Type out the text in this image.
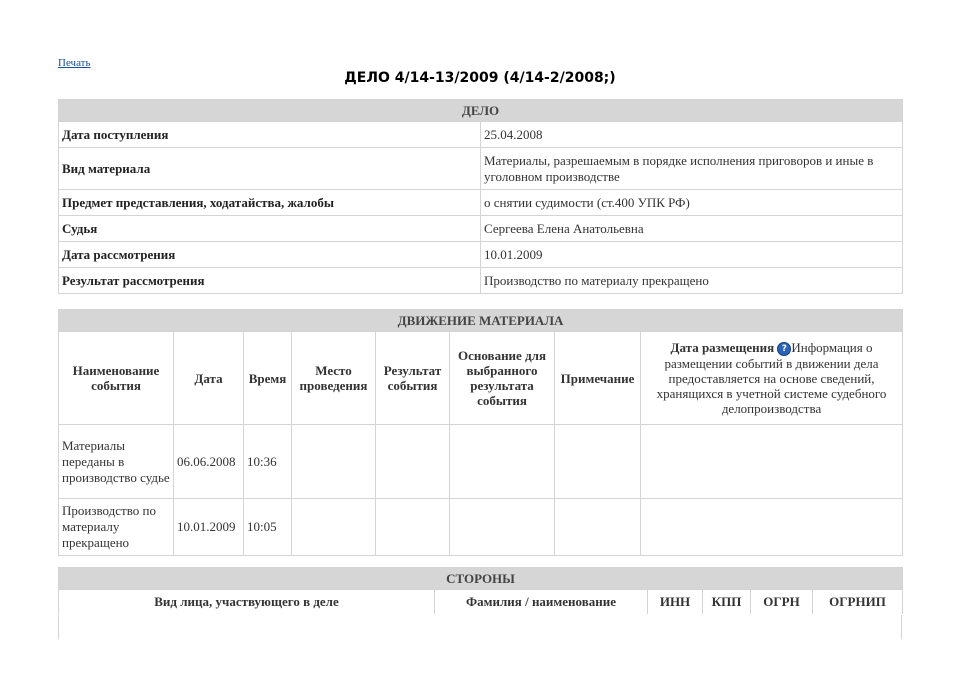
Печать
ДЕЛО 4/14-13/2009 (4/14-2/2008;)
ДЕЛО	
Дата поступления	25.04.2008
Вид материала	Материалы, разрешаемым в порядке исполнения приговоров и иные в уголовном производстве
Предмет представления, ходатайства, жалобы	о снятии судимости (ст.400 УПК РФ)
Судья	Сергеева Елена Анатольевна
Дата рассмотрения	10.01.2009
Результат рассмотрения	Производство по материалу прекращено
ДВИЖЕНИЕ МАТЕРИАЛА							
Наименование события	Дата	Время	Место проведения	Результат события	Основание для выбранного результата события	Примечание	Дата размещения ? Информация о размещении событий в движении дела предоставляется на основе сведений, хранящихся в учетной системе судебного делопроизводства
Материалы переданы в производство судье	06.06.2008	10:36					
Производство по материалу прекращено	10.01.2009	10:05					
СТОРОНЫ
Вид лица, участвующего в деле	Фамилия / наименование	ИНН	КПП	ОГРН	ОГРНИП
